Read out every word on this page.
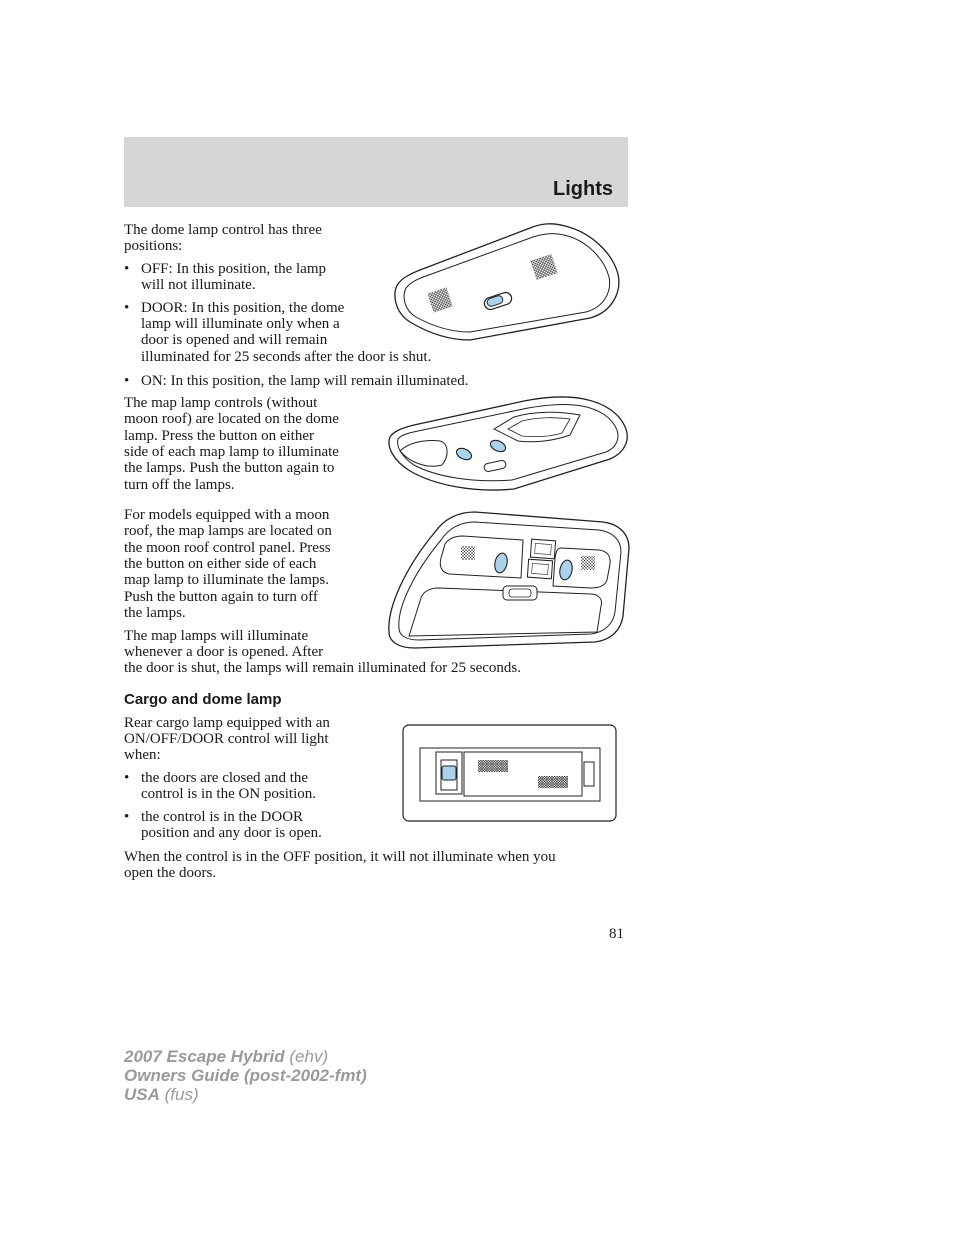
Lights

The dome lamp control has three

positions:

• OFF: In this position, the lamp
will not illuminate.
• DOOR: In this position, the dome
lamp will illuminate only when a
door is opened and will remain
illuminated for 25 seconds after the door is shut.
• ON: In this position, the lamp will remain illuminated.

The map lamp controls (without

moon roof) are located on the dome

lamp. Press the button on either

side of each map lamp to illuminate

the lamps. Push the button again to

turn off the lamps.

For models equipped with a moon

roof, the map lamps are located on

the moon roof control panel. Press

the button on either side of each

map lamp to illuminate the lamps.

Push the button again to turn off

the lamps.

The map lamps will illuminate

whenever a door is opened. After

the door is shut, the lamps will remain illuminated for 25 seconds.

Cargo and dome lamp

Rear cargo lamp equipped with an

ON/OFF/DOOR control will light

when:

• the doors are closed and the
control is in the ON position.
• the control is in the DOOR
position and any door is open.

When the control is in the OFF position, it will not illuminate when you

open the doors.

81
2007 Escape Hybrid (ehv)
Owners Guide (post-2002-fmt)
USA (fus)
